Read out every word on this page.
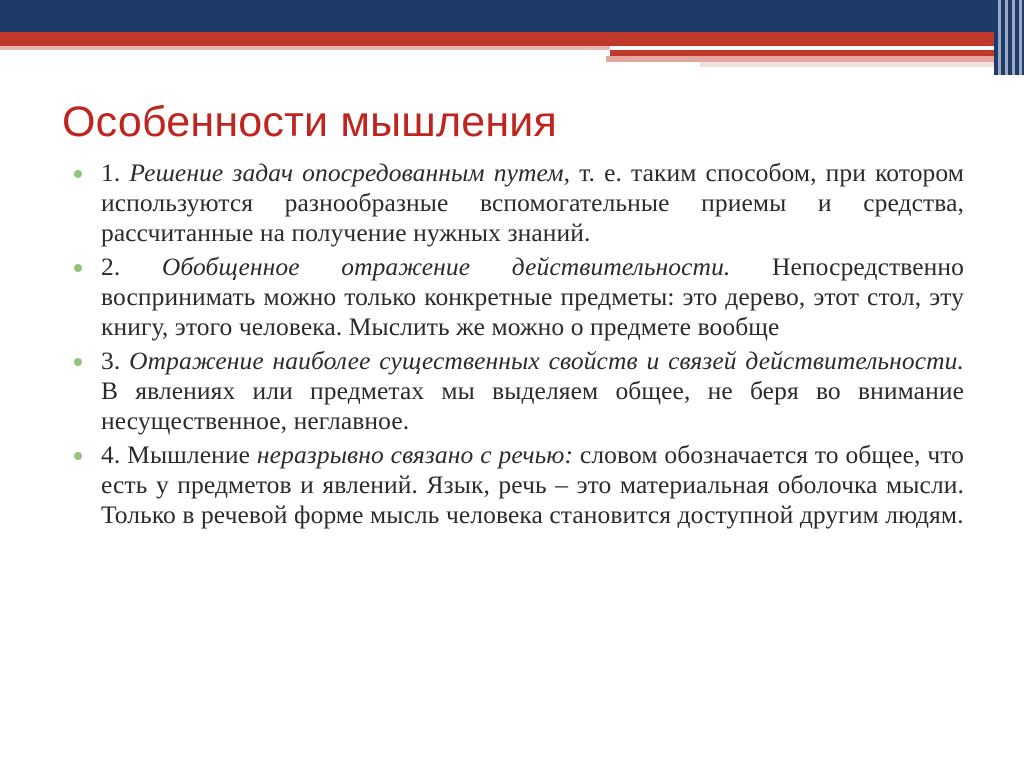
Особенности мышления
1. Решение задач опосредованным путем, т. е. таким способом, при котором используются разнообразные вспомогательные приемы и средства, рассчитанные на получение нужных знаний.
2. Обобщенное отражение действительности. Непосредственно воспринимать можно только конкретные предметы: это дерево, этот стол, эту книгу, этого человека. Мыслить же можно о предмете вообще
3. Отражение наиболее существенных свойств и связей действительности. В явлениях или предметах мы выделяем общее, не беря во внимание несущественное, неглавное.
4. Мышление неразрывно связано с речью: словом обозначается то общее, что есть у предметов и явлений. Язык, речь – это материальная оболочка мысли. Только в речевой форме мысль человека становится доступной другим людям.
